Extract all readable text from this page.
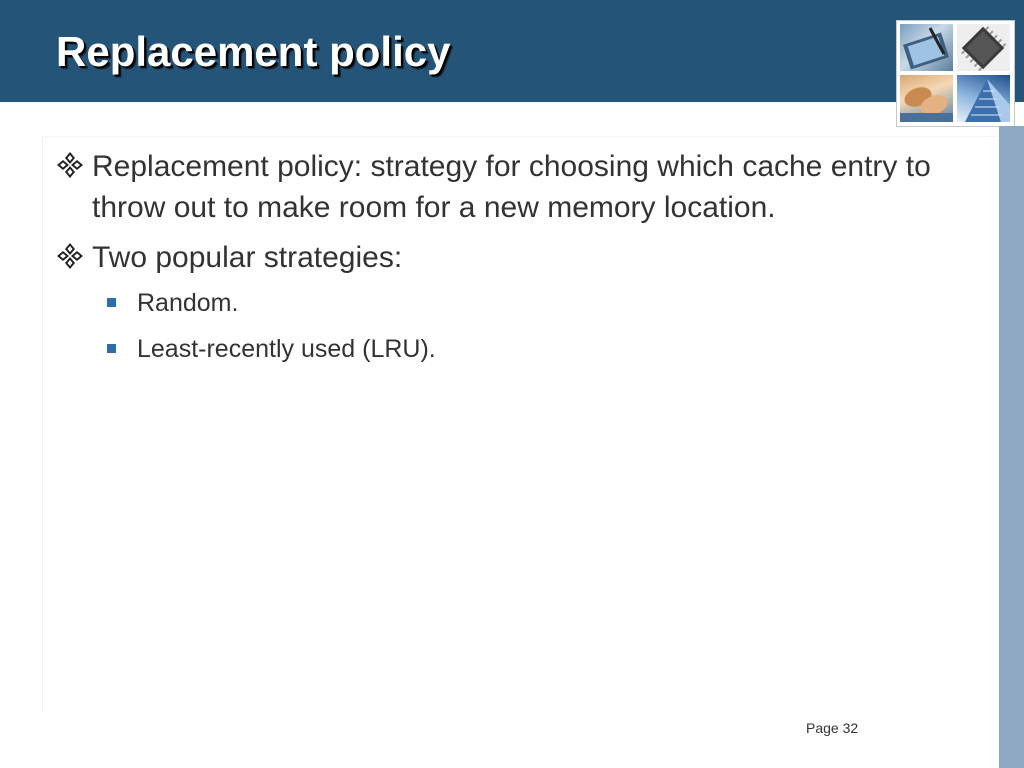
Replacement policy
Replacement policy: strategy for choosing which cache entry to throw out to make room for a new memory location.
Two popular strategies:
Random.
Least-recently used (LRU).
Page 32
